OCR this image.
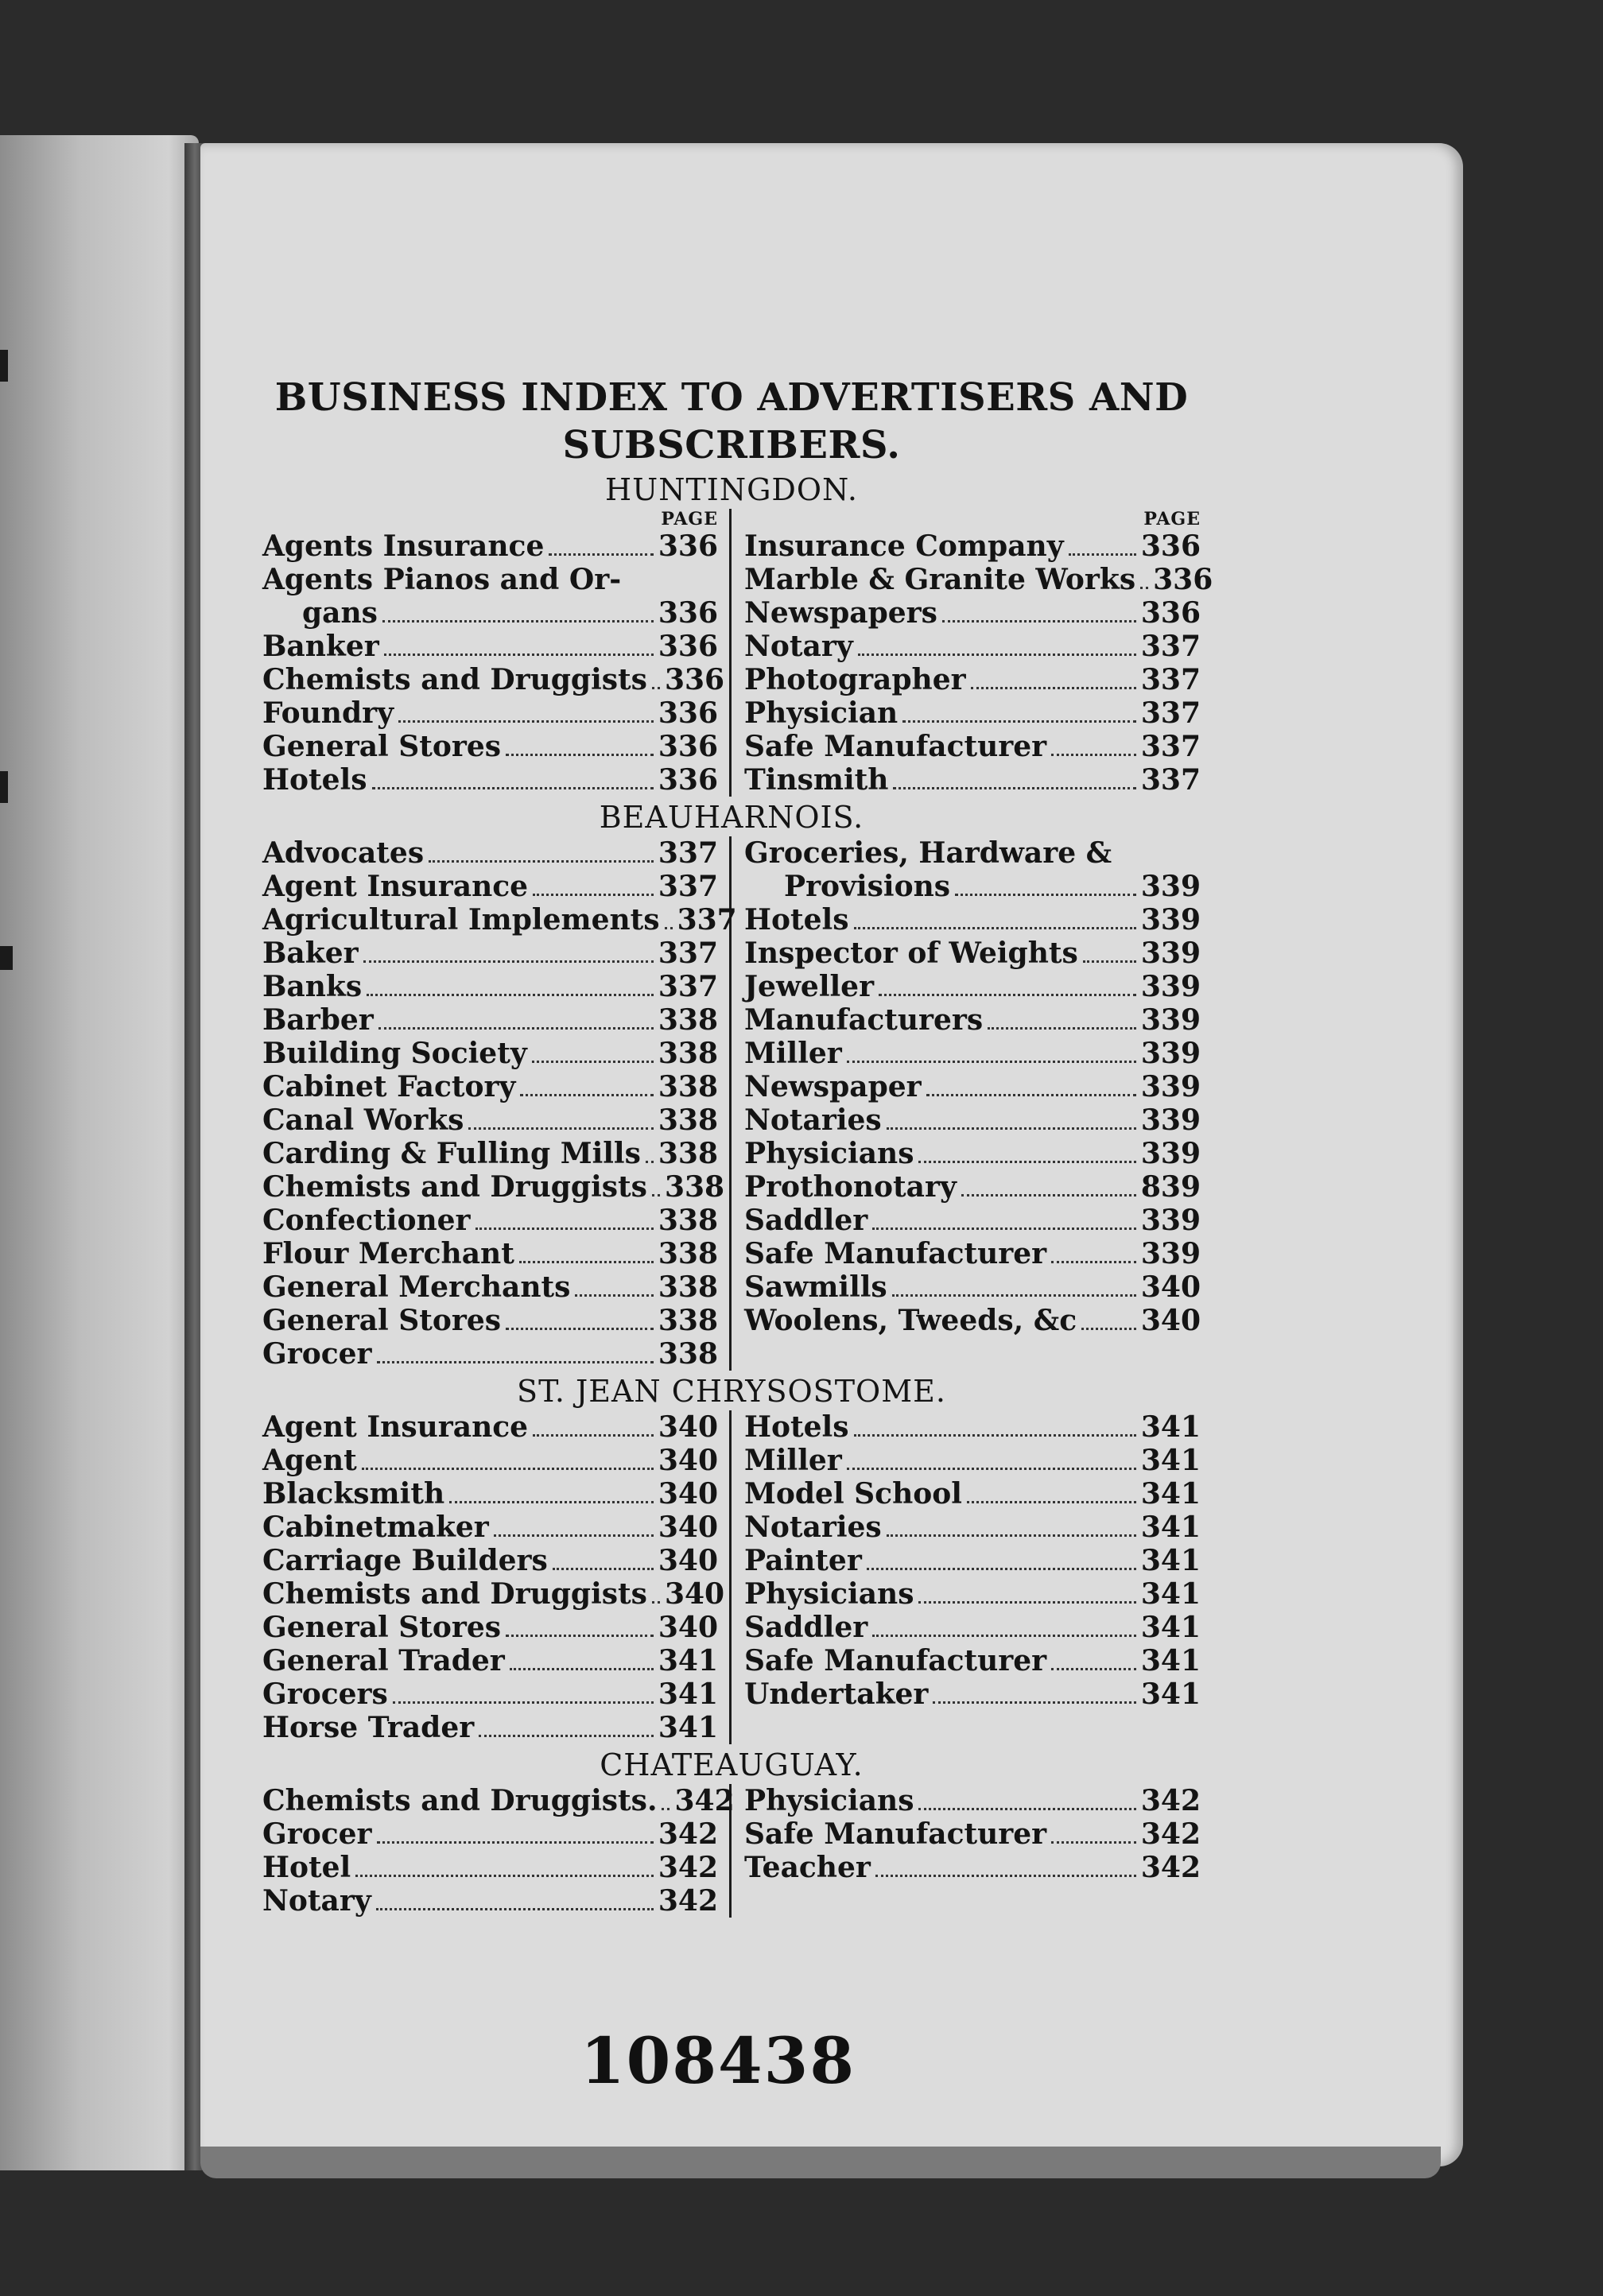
BUSINESS INDEX TO ADVERTISERS AND
SUBSCRIBERS.
HUNTINGDON.
PAGE
Agents Insurance	336
Agents Pianos and Or-
gans	336
Banker	336
Chemists and Druggists 336
Foundry	336
General Stores	336
Hotels	336
PAGE
Insurance Company	336
Marble & Granite Works 336
Newspapers	336
Notary	337
Photographer	337
Physician	337
Safe Manufacturer	337
Tinsmith	337
BEAUHARNOIS.
Advocates	337
Agent Insurance	337
Agricultural Implements 337
Baker	337
Banks	337
Barber	338
Building Society	338
Cabinet Factory	338
Canal Works	338
Carding & Fulling Mills 338
Chemists and Druggists 338
Confectioner	338
Flour Merchant	338
General Merchants	338
General Stores	338
Grocer	338
Groceries, Hardware &
Provisions	339
Hotels	339
Inspector of Weights 339
Jeweller	339
Manufacturers	339
Miller	339
Newspaper	339
Notaries	339
Physicians	339
Prothonotary	839
Saddler	339
Safe Manufacturer	339
Sawmills	340
Woolens, Tweeds, &c 340
ST. JEAN CHRYSOSTOME.
Agent Insurance	340
Agent	340
Blacksmith	340
Cabinetmaker	340
Carriage Builders	340
Chemists and Druggists 340
General Stores	340
General Trader	341
Grocers	341
Horse Trader	341
Hotels	341
Miller	341
Model School	341
Notaries	341
Painter	341
Physicians	341
Saddler	341
Safe Manufacturer	341
Undertaker	341
CHATEAUGUAY.
Chemists and Druggists. 342
Grocer	342
Hotel	342
Notary	342
Physicians	342
Safe Manufacturer	342
Teacher	342
108438
